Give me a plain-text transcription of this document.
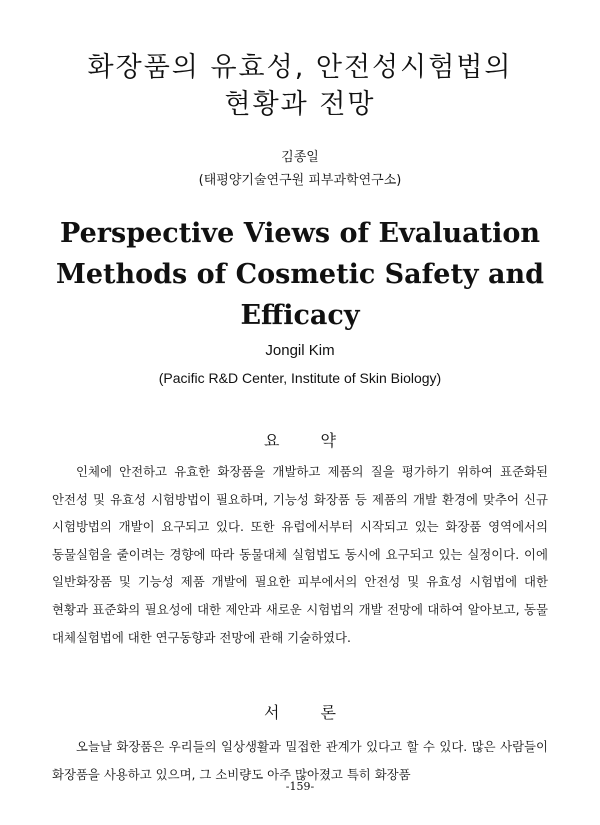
화장품의 유효성, 안전성시험법의
현황과 전망
김종일
(태평양기술연구원 피부과학연구소)
Perspective Views of Evaluation Methods of Cosmetic Safety and Efficacy
Jongil Kim
(Pacific R&D Center, Institute of Skin Biology)
요 약

인체에 안전하고 유효한 화장품을 개발하고 제품의 질을 평가하기 위하여 표준화된 안전성 및 유효성 시험방법이 필요하며, 기능성 화장품 등 제품의 개발 환경에 맞추어 신규 시험방법의 개발이 요구되고 있다. 또한 유럽에서부터 시작되고 있는 화장품 영역에서의 동물실험을 줄이려는 경향에 따라 동물대체 실험법도 동시에 요구되고 있는 실정이다. 이에 일반화장품 및 기능성 제품 개발에 필요한 피부에서의 안전성 및 유효성 시험법에 대한 현황과 표준화의 필요성에 대한 제안과 새로운 시험법의 개발 전망에 대하여 알아보고, 동물 대체실험법에 대한 연구동향과 전망에 관해 기술하였다.

서 론

오늘날 화장품은 우리들의 일상생활과 밀접한 관계가 있다고 할 수 있다. 많은 사람들이 화장품을 사용하고 있으며, 그 소비량도 아주 많아졌고 특히 화장품

-159-
